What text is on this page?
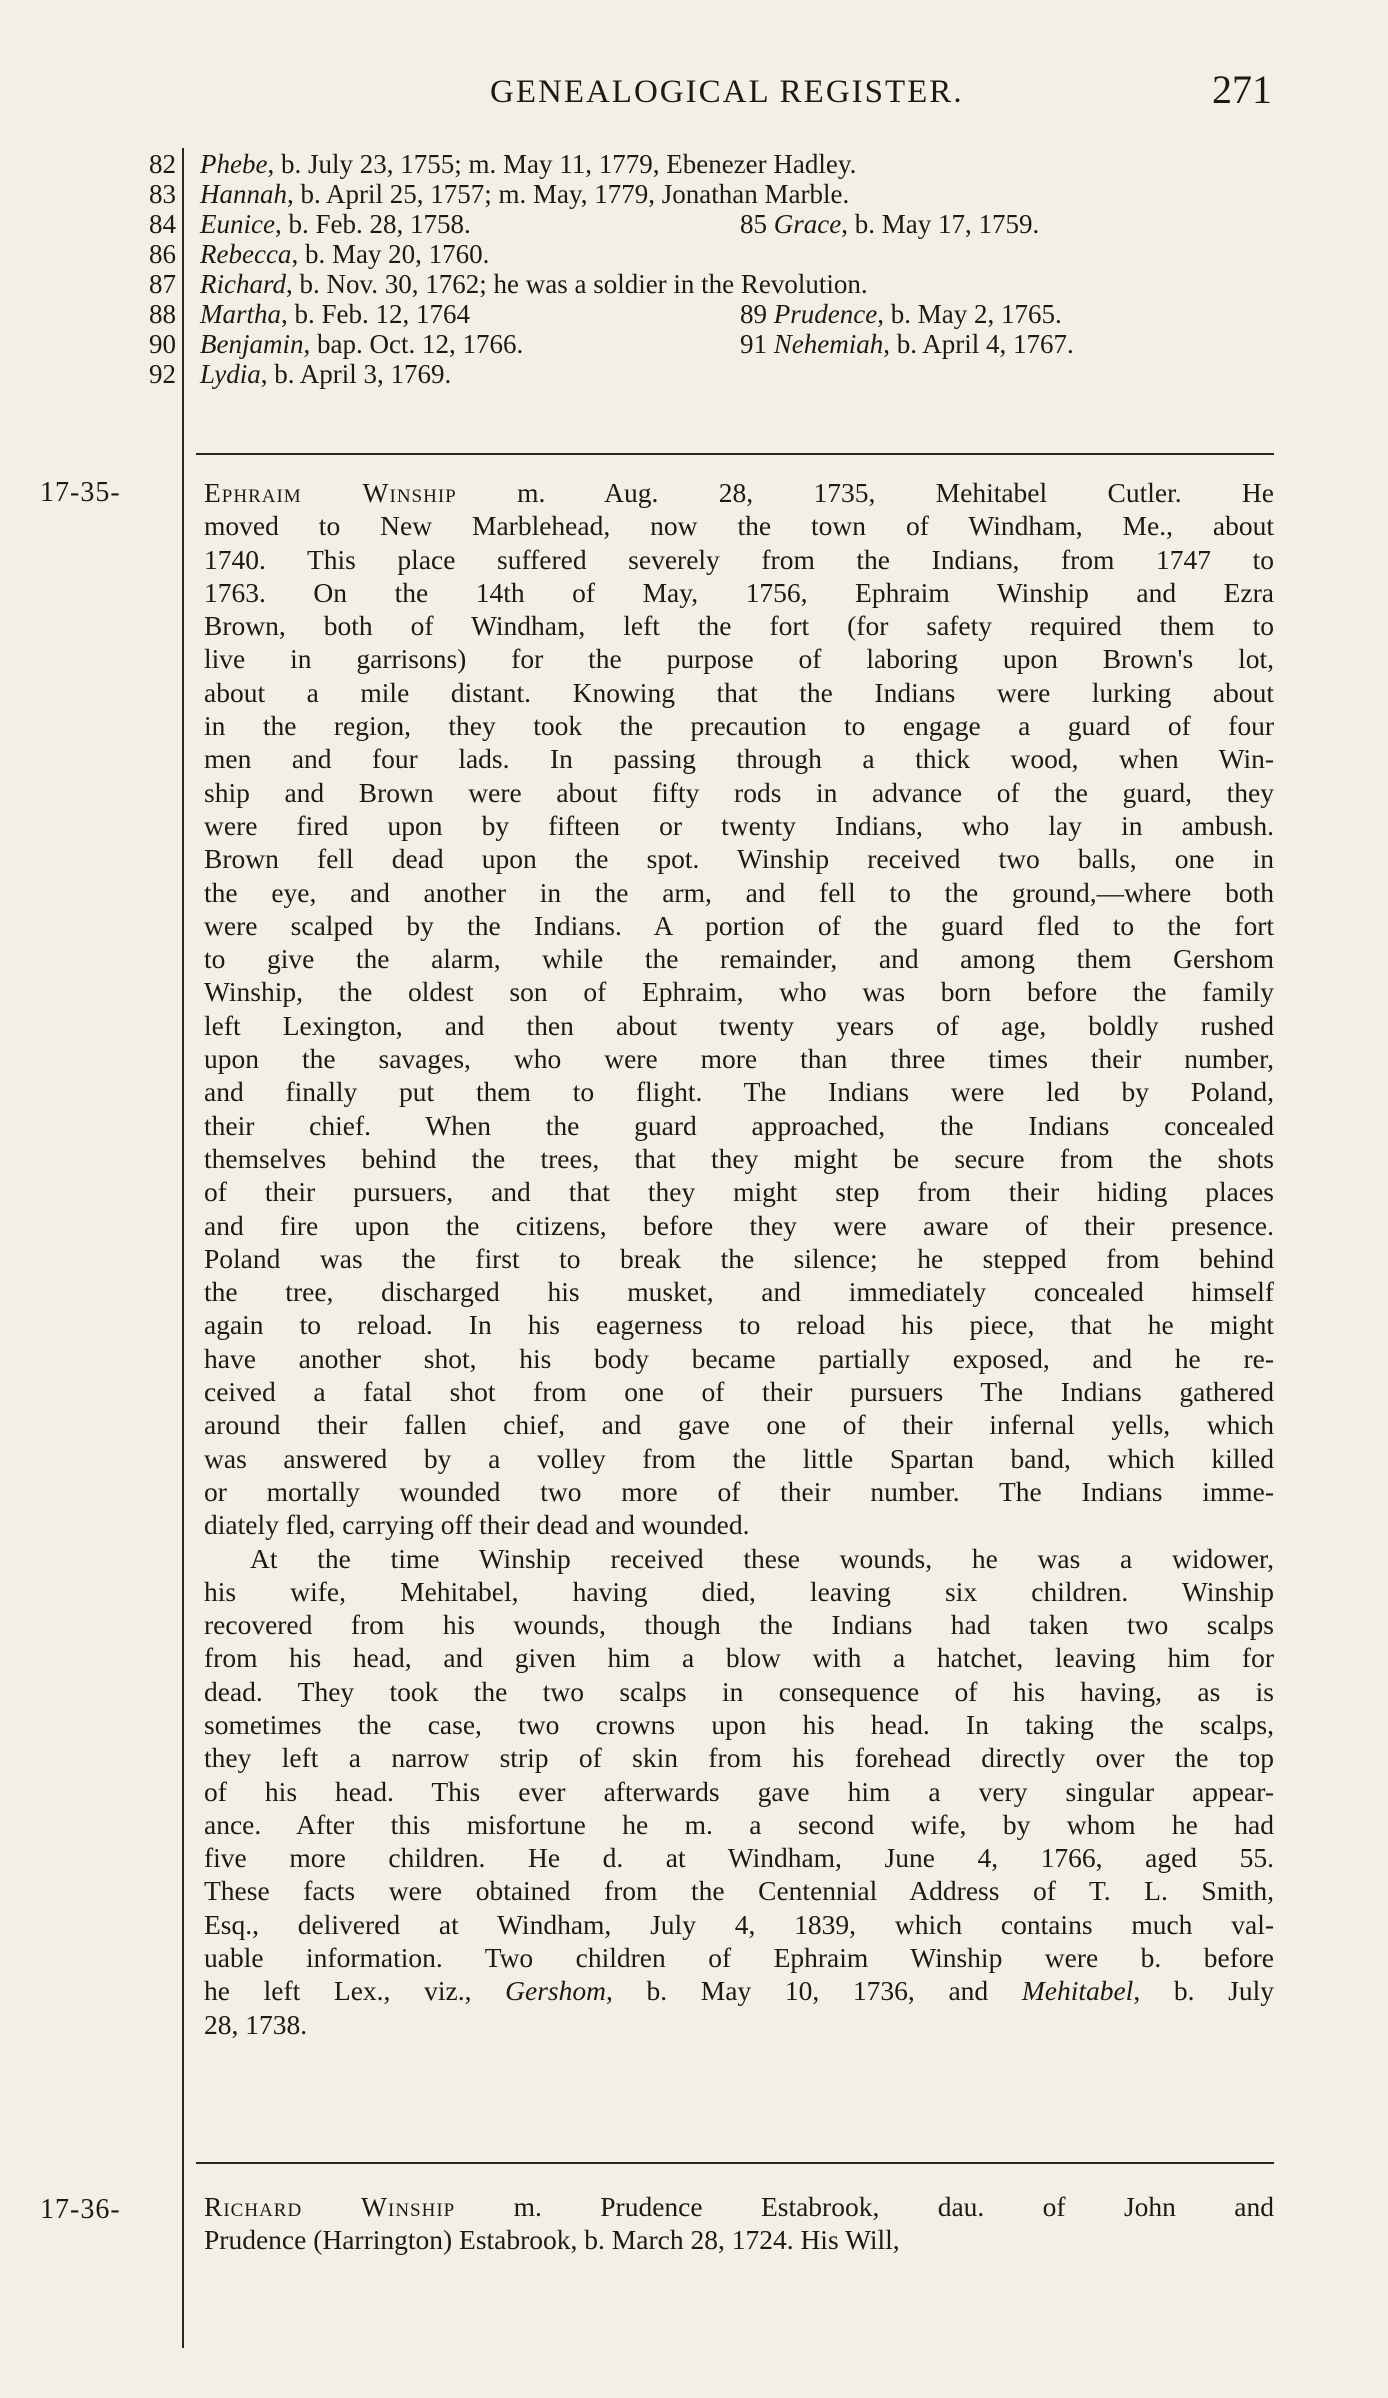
GENEALOGICAL REGISTER.	271
82 Phebe, b. July 23, 1755; m. May 11, 1779, Ebenezer Hadley.
83 Hannah, b. April 25, 1757; m. May, 1779, Jonathan Marble.
84 Eunice, b. Feb. 28, 1758.	85 Grace, b. May 17, 1759.
86 Rebecca, b. May 20, 1760.
87 Richard, b. Nov. 30, 1762; he was a soldier in the Revolution.
88 Martha, b. Feb. 12, 1764	89 Prudence, b. May 2, 1765.
90 Benjamin, bap. Oct. 12, 1766.	91 Nehemiah, b. April 4, 1767.
92 Lydia, b. April 3, 1769.
17-35-	Ephraim Winship m. Aug. 28, 1735, Mehitabel Cutler. He
moved to New Marblehead, now the town of Windham, Me., about
1740. This place suffered severely from the Indians, from 1747 to
1763. On the 14th of May, 1756, Ephraim Winship and Ezra
Brown, both of Windham, left the fort (for safety required them to
live in garrisons) for the purpose of laboring upon Brown's lot,
about a mile distant. Knowing that the Indians were lurking about
in the region, they took the precaution to engage a guard of four
men and four lads. In passing through a thick wood, when Win-
ship and Brown were about fifty rods in advance of the guard, they
were fired upon by fifteen or twenty Indians, who lay in ambush.
Brown fell dead upon the spot. Winship received two balls, one in
the eye, and another in the arm, and fell to the ground,—where both
were scalped by the Indians. A portion of the guard fled to the fort
to give the alarm, while the remainder, and among them Gershom
Winship, the oldest son of Ephraim, who was born before the family
left Lexington, and then about twenty years of age, boldly rushed
upon the savages, who were more than three times their number,
and finally put them to flight. The Indians were led by Poland,
their chief. When the guard approached, the Indians concealed
themselves behind the trees, that they might be secure from the shots
of their pursuers, and that they might step from their hiding places
and fire upon the citizens, before they were aware of their presence.
Poland was the first to break the silence; he stepped from behind
the tree, discharged his musket, and immediately concealed himself
again to reload. In his eagerness to reload his piece, that he might
have another shot, his body became partially exposed, and he re-
ceived a fatal shot from one of their pursuers The Indians gathered
around their fallen chief, and gave one of their infernal yells, which
was answered by a volley from the little Spartan band, which killed
or mortally wounded two more of their number. The Indians imme-
diately fled, carrying off their dead and wounded.
At the time Winship received these wounds, he was a widower,
his wife, Mehitabel, having died, leaving six children. Winship
recovered from his wounds, though the Indians had taken two scalps
from his head, and given him a blow with a hatchet, leaving him for
dead. They took the two scalps in consequence of his having, as is
sometimes the case, two crowns upon his head. In taking the scalps,
they left a narrow strip of skin from his forehead directly over the top
of his head. This ever afterwards gave him a very singular appear-
ance. After this misfortune he m. a second wife, by whom he had
five more children. He d. at Windham, June 4, 1766, aged 55.
These facts were obtained from the Centennial Address of T. L. Smith,
Esq., delivered at Windham, July 4, 1839, which contains much val-
uable information. Two children of Ephraim Winship were b. before
he left Lex., viz., Gershom, b. May 10, 1736, and Mehitabel, b. July
28, 1738.
17-36-	Richard Winship m. Prudence Estabrook, dau. of John and
Prudence (Harrington) Estabrook, b. March 28, 1724. His Will,
